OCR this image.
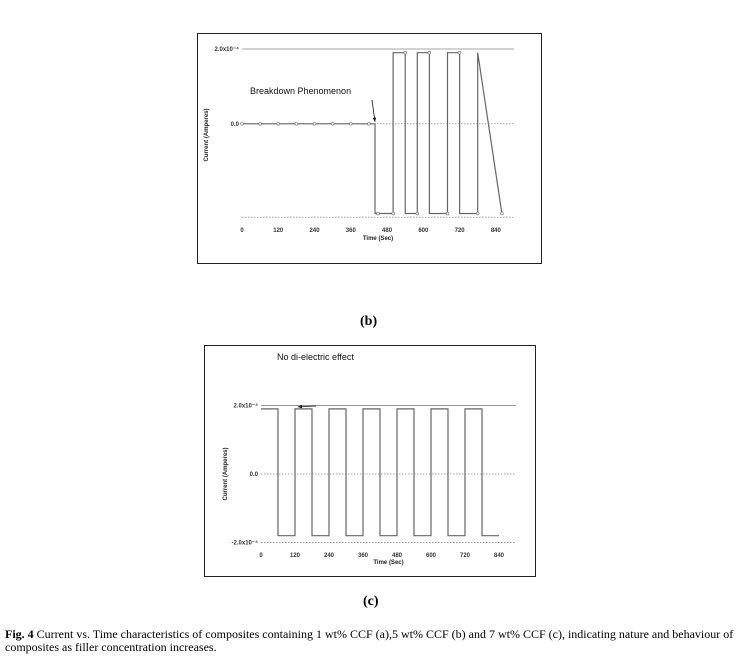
2.0x10⁻⁴
0.0
0	120	240	360	480	600	720	840
Time (Sec)
Current (Amperes)
Breakdown Phenomenon
(b)
2.0x10⁻⁴
0.0
-2.0x10⁻⁴
0	120	240	360	480	600	720	840
Time (Sec)
Current (Amperes)
No di-electric effect
(c)
Fig. 4 Current vs. Time characteristics of composites containing 1 wt% CCF (a),5 wt% CCF (b) and 7 wt% CCF (c), indicating nature and behaviour of composites as filler concentration increases.
